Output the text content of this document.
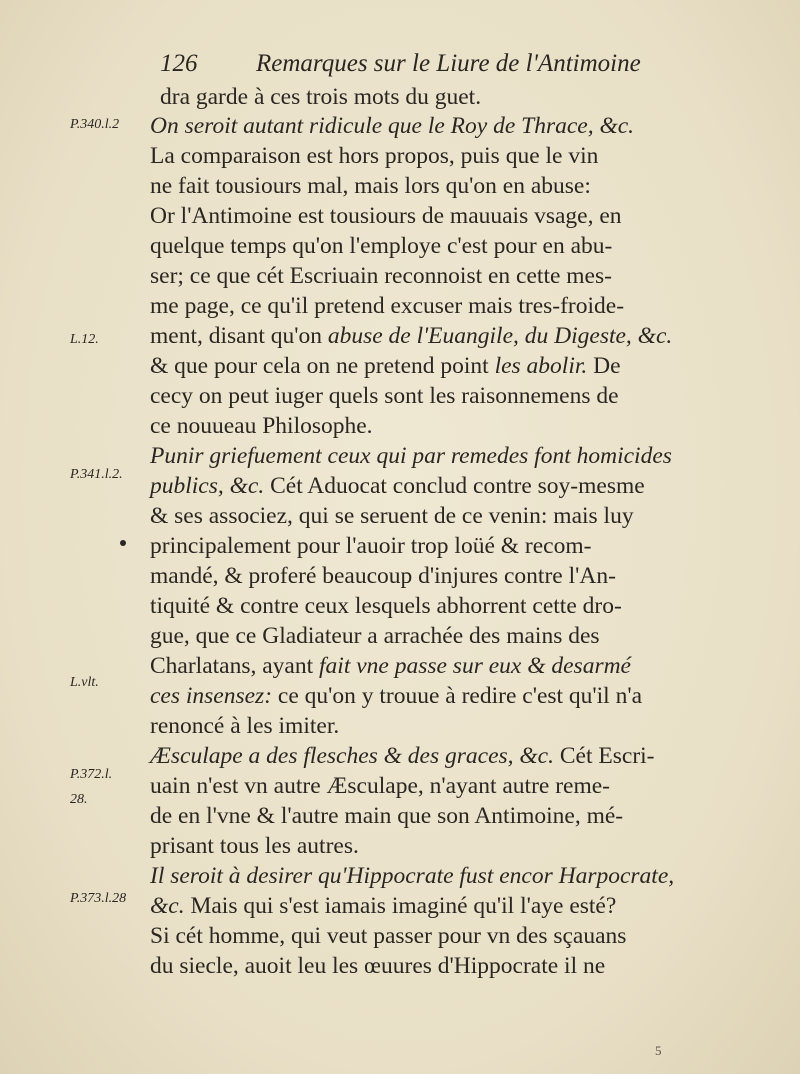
126 Remarques sur le Liure de l'Antimoine
dra garde à ces trois mots du guet.
On seroit autant ridicule que le Roy de Thrace, &c.
La comparaison est hors propos, puis que le vin
ne fait tousiours mal, mais lors qu'on en abuse:
Or l'Antimoine est tousiours de mauuais vsage, en
quelque temps qu'on l'employe c'est pour en abu-
ser; ce que cét Escriuain reconnoist en cette mes-
me page, ce qu'il pretend excuser mais tres-froide-
ment, disant qu'on abuse de l'Euangile, du Digeste, &c.
& que pour cela on ne pretend point les abolir. De
cecy on peut iuger quels sont les raisonnemens de
ce nouueau Philosophe.
Punir griefuement ceux qui par remedes font homicides
publics, &c. Cét Aduocat conclud contre soy-mesme
& ses associez, qui se seruent de ce venin: mais luy
principalement pour l'auoir trop loüé & recom-
mandé, & proferé beaucoup d'injures contre l'An-
tiquité & contre ceux lesquels abhorrent cette dro-
gue, que ce Gladiateur a arrachée des mains des
Charlatans, ayant fait vne passe sur eux & desarmé
ces insensez: ce qu'on y trouue à redire c'est qu'il n'a
renoncé à les imiter.
Æsculape a des flesches & des graces, &c. Cét Escri-
uain n'est vn autre Æsculape, n'ayant autre reme-
de en l'vne & l'autre main que son Antimoine, mé-
prisant tous les autres.
Il seroit à desirer qu'Hippocrate fust encor Harpocrate,
&c. Mais qui s'est iamais imaginé qu'il l'aye esté?
Si cét homme, qui veut passer pour vn des sçauans
du siecle, auoit leu les œuures d'Hippocrate il ne
P.340.l.2
L.12.
P.341.l.2.
L.vlt.
P.372.l.
28.
P.373.l.28
5
